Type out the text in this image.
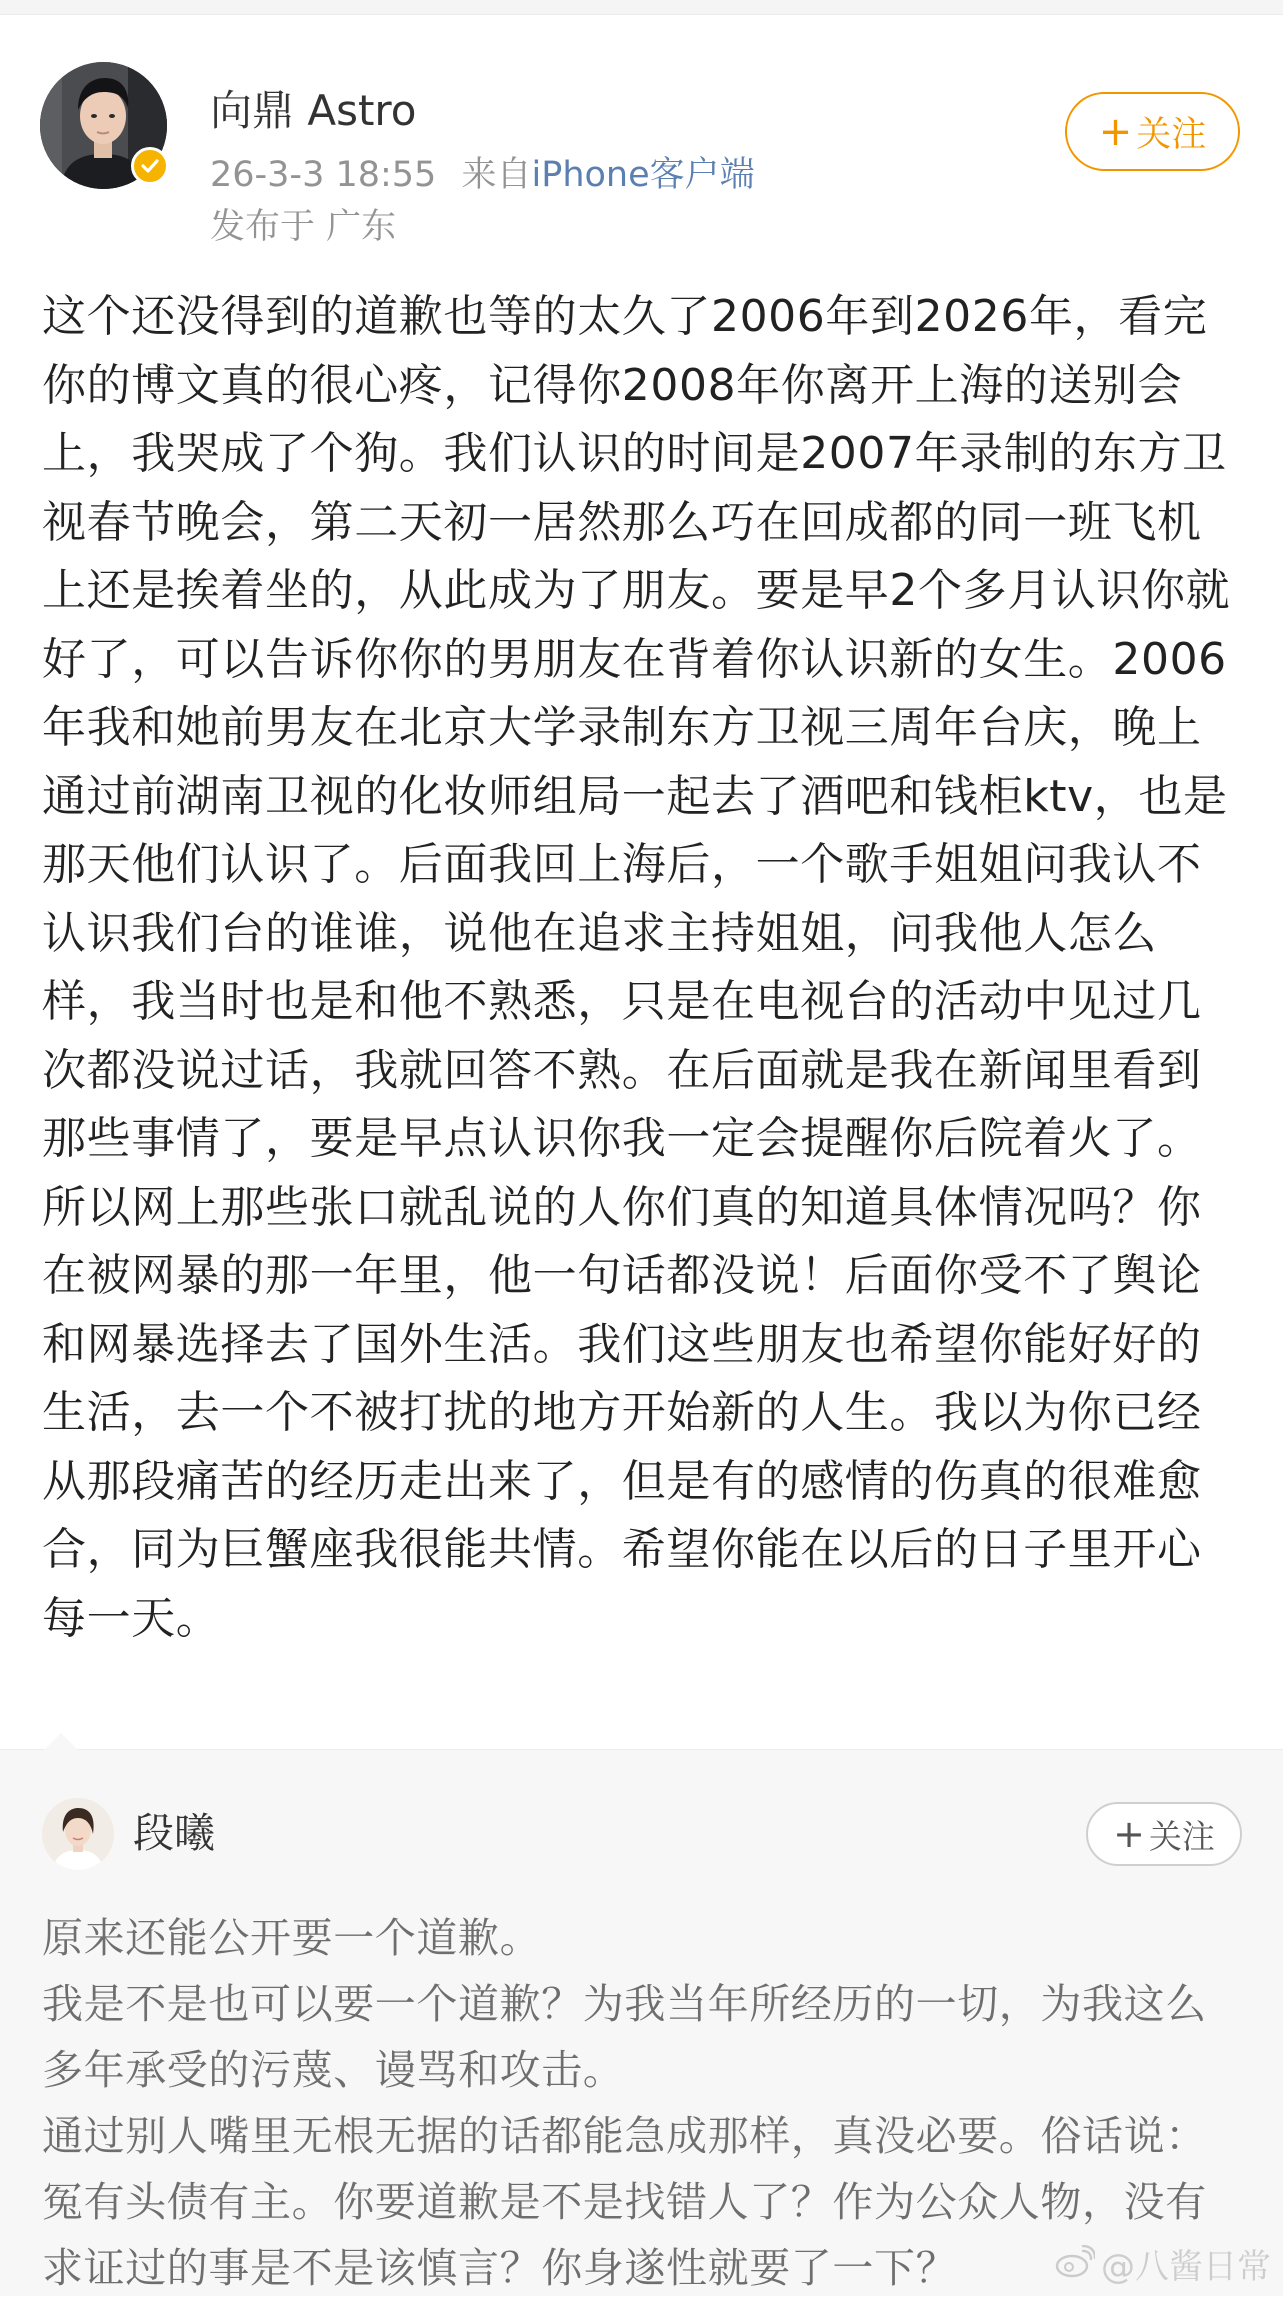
向鼎 Astro
26-3-3 18:55 来自iPhone客户端
发布于 广东
+ 关注

这个还没得到的道歉也等的太久了2006年到2026年，看完你的博文真的很心疼，记得你2008年你离开上海的送别会上，我哭成了个狗。我们认识的时间是2007年录制的东方卫视春节晚会，第二天初一居然那么巧在回成都的同一班飞机上还是挨着坐的，从此成为了朋友。要是早2个多月认识你就好了，可以告诉你你的男朋友在背着你认识新的女生。2006年我和她前男友在北京大学录制东方卫视三周年台庆，晚上通过前湖南卫视的化妆师组局一起去了酒吧和钱柜ktv，也是那天他们认识了。后面我回上海后，一个歌手姐姐问我认不认识我们台的谁谁，说他在追求主持姐姐，问我他人怎么样，我当时也是和他不熟悉，只是在电视台的活动中见过几次都没说过话，我就回答不熟。在后面就是我在新闻里看到那些事情了，要是早点认识你我一定会提醒你后院着火了。所以网上那些张口就乱说的人你们真的知道具体情况吗？你在被网暴的那一年里，他一句话都没说！后面你受不了舆论和网暴选择去了国外生活。我们这些朋友也希望你能好好的生活，去一个不被打扰的地方开始新的人生。我以为你已经从那段痛苦的经历走出来了，但是有的感情的伤真的很难愈合，同为巨蟹座我很能共情。希望你能在以后的日子里开心每一天。

段曦	+ 关注
原来还能公开要一个道歉。
我是不是也可以要一个道歉？为我当年所经历的一切，为我这么多年承受的污蔑、谩骂和攻击。
通过别人嘴里无根无据的话都能急成那样，真没必要。俗话说：冤有头债有主。你要道歉是不是找错人了？作为公众人物，没有求证过的事是不是该慎言？你身遂性就要了一下？	@八酱日常
